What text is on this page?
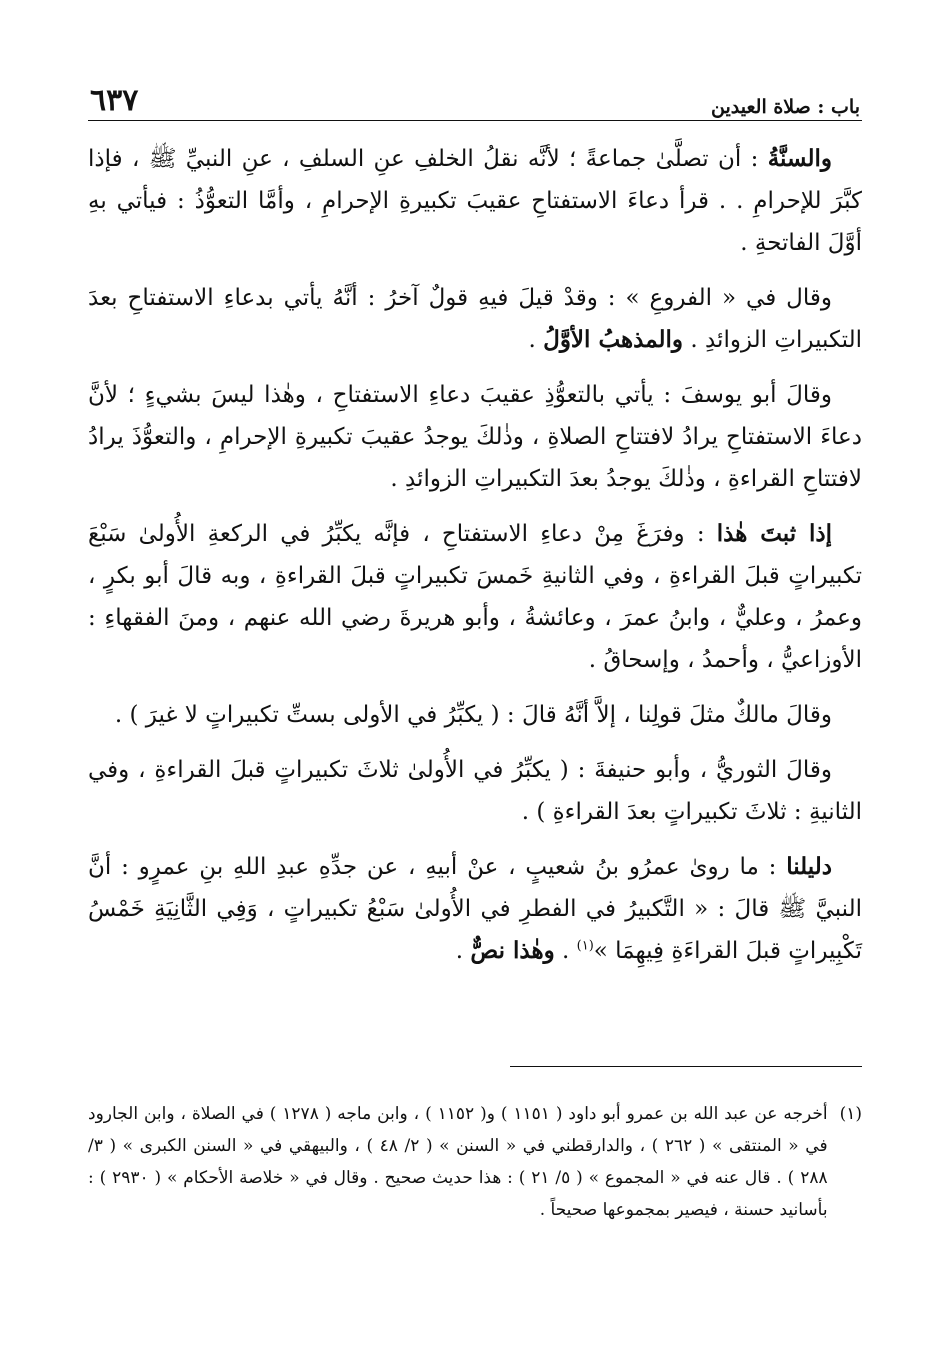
باب : صلاة العيدين
٦٣٧

والسنَّةُ : أن تصلَّىٰ جماعةً ؛ لأنَّه نقلُ الخلفِ عنِ السلفِ ، عنِ النبيِّ ﷺ ، فإذا كبَّرَ للإحرامِ . . قرأ دعاءَ الاستفتاحِ عقيبَ تكبيرةِ الإحرامِ ، وأمَّا التعوُّذُ : فيأتي بهِ أوَّلَ الفاتحةِ .

وقال في « الفروعِ » : وقدْ قيلَ فيهِ قولٌ آخرُ : أنَّهُ يأتي بدعاءِ الاستفتاحِ بعدَ التكبيراتِ الزوائدِ . والمذهبُ الأوَّلُ .

وقالَ أبو يوسفَ : يأتي بالتعوُّذِ عقيبَ دعاءِ الاستفتاحِ ، وهٰذا ليسَ بشيءٍ ؛ لأنَّ دعاءَ الاستفتاحِ يرادُ لافتتاحِ الصلاةِ ، وذٰلكَ يوجدُ عقيبَ تكبيرةِ الإحرامِ ، والتعوُّذَ يرادُ لافتتاحِ القراءةِ ، وذٰلكَ يوجدُ بعدَ التكبيراتِ الزوائدِ .

إذا ثبتَ هٰذا : وفرَغَ مِنْ دعاءِ الاستفتاحِ ، فإنَّه يكبِّرُ في الركعةِ الأُولىٰ سَبْعَ تكبيراتٍ قبلَ القراءةِ ، وفي الثانيةِ خَمسَ تكبيراتٍ قبلَ القراءةِ ، وبه قالَ أبو بكرٍ ، وعمرُ ، وعليٌّ ، وابنُ عمرَ ، وعائشةُ ، وأبو هريرةَ رضي الله عنهم ، ومنَ الفقهاءِ : الأوزاعيُّ ، وأحمدُ ، وإسحاقُ .

وقالَ مالكٌ مثلَ قولِنا ، إلاَّ أنَّهُ قالَ : ( يكبِّرُ في الأولى بستِّ تكبيراتٍ لا غيرَ ) .

وقالَ الثوريُّ ، وأبو حنيفةَ : ( يكبِّرُ في الأُولىٰ ثلاثَ تكبيراتٍ قبلَ القراءةِ ، وفي الثانيةِ : ثلاثَ تكبيراتٍ بعدَ القراءةِ ) .

دليلنا : ما روىٰ عمرُو بنُ شعيبٍ ، عنْ أبيهِ ، عن جدِّهِ عبدِ اللهِ بنِ عمرٍو : أنَّ النبيَّ ﷺ قالَ : « التَّكبيرُ في الفطرِ في الأُولىٰ سَبْعُ تكبيراتٍ ، وَفِي الثَّانِيَةِ خَمْسُ تَكْبِيراتٍ قبلَ القراءَةِ فِيهِمَا »$^{(١)}$ . وهٰذا نصٌّ .

(١)
أخرجه عن عبد الله بن عمرو أبو داود ( ١١٥١ ) و( ١١٥٢ ) ، وابن ماجه ( ١٢٧٨ ) في الصلاة ، وابن الجارود في « المنتقى » ( ٢٦٢ ) ، والدارقطني في « السنن » ( ٢/ ٤٨ ) ، والبيهقي في « السنن الكبرى » ( ٣/ ٢٨٨ ) . قال عنه في « المجموع » ( ٥/ ٢١ ) : هذا حديث صحيح . وقال في « خلاصة الأحكام » ( ٢٩٣٠ ) : بأسانيد حسنة ، فيصير بمجموعها صحيحاً .
